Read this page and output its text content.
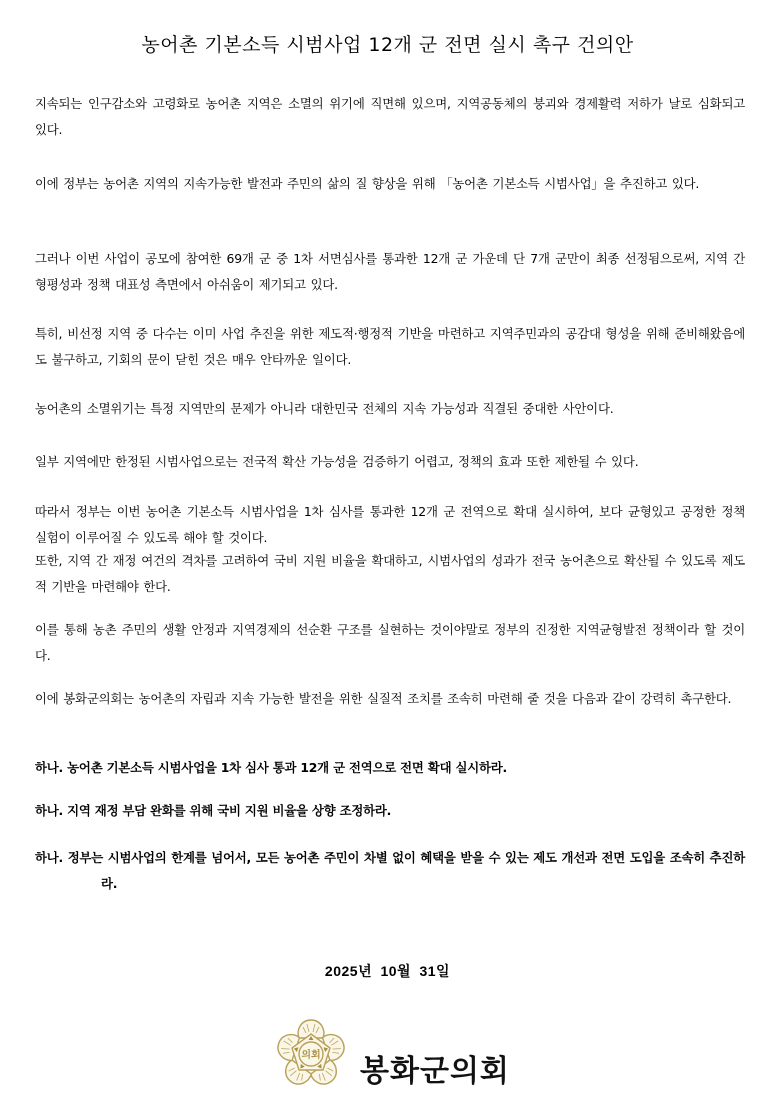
농어촌 기본소득 시범사업 12개 군 전면 실시 촉구 건의안
지속되는 인구감소와 고령화로 농어촌 지역은 소멸의 위기에 직면해 있으며, 지역공동체의 붕괴와 경제활력 저하가 날로 심화되고 있다.
이에 정부는 농어촌 지역의 지속가능한 발전과 주민의 삶의 질 향상을 위해 「농어촌 기본소득 시범사업」을 추진하고 있다.
그러나 이번 사업이 공모에 참여한 69개 군 중 1차 서면심사를 통과한 12개 군 가운데 단 7개 군만이 최종 선정됨으로써, 지역 간 형평성과 정책 대표성 측면에서 아쉬움이 제기되고 있다.
특히, 비선정 지역 중 다수는 이미 사업 추진을 위한 제도적·행정적 기반을 마련하고 지역주민과의 공감대 형성을 위해 준비해왔음에도 불구하고, 기회의 문이 닫힌 것은 매우 안타까운 일이다.
농어촌의 소멸위기는 특정 지역만의 문제가 아니라 대한민국 전체의 지속 가능성과 직결된 중대한 사안이다.
일부 지역에만 한정된 시범사업으로는 전국적 확산 가능성을 검증하기 어렵고, 정책의 효과 또한 제한될 수 있다.
따라서 정부는 이번 농어촌 기본소득 시범사업을 1차 심사를 통과한 12개 군 전역으로 확대 실시하여, 보다 균형있고 공정한 정책 실험이 이루어질 수 있도록 해야 할 것이다.
또한, 지역 간 재정 여건의 격차를 고려하여 국비 지원 비율을 확대하고, 시범사업의 성과가 전국 농어촌으로 확산될 수 있도록 제도적 기반을 마련해야 한다.
이를 통해 농촌 주민의 생활 안정과 지역경제의 선순환 구조를 실현하는 것이야말로 정부의 진정한 지역균형발전 정책이라 할 것이다.
이에 봉화군의회는 농어촌의 자립과 지속 가능한 발전을 위한 실질적 조치를 조속히 마련해 줄 것을 다음과 같이 강력히 촉구한다.
하나. 농어촌 기본소득 시범사업을 1차 심사 통과 12개 군 전역으로 전면 확대 실시하라.
하나. 지역 재정 부담 완화를 위해 국비 지원 비율을 상향 조정하라.
하나. 정부는 시범사업의 한계를 넘어서, 모든 농어촌 주민이 차별 없이 혜택을 받을 수 있는 제도 개선과 전면 도입을 조속히 추진하라.
2025년 10월 31일
의회 봉화군의회
